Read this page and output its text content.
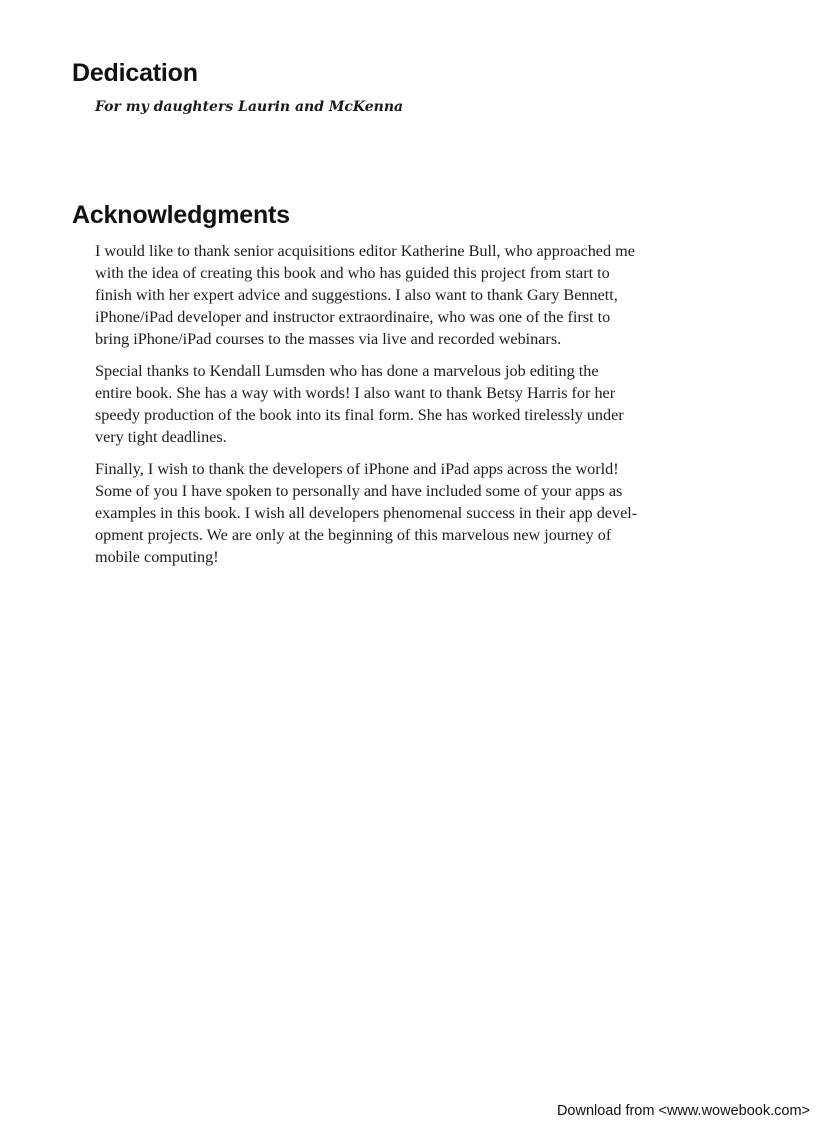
Dedication

For my daughters Laurin and McKenna

Acknowledgments
I would like to thank senior acquisitions editor Katherine Bull, who approached me
with the idea of creating this book and who has guided this project from start to
finish with her expert advice and suggestions. I also want to thank Gary Bennett,
iPhone/iPad developer and instructor extraordinaire, who was one of the first to
bring iPhone/iPad courses to the masses via live and recorded webinars.
Special thanks to Kendall Lumsden who has done a marvelous job editing the
entire book. She has a way with words! I also want to thank Betsy Harris for her
speedy production of the book into its final form. She has worked tirelessly under
very tight deadlines.
Finally, I wish to thank the developers of iPhone and iPad apps across the world!
Some of you I have spoken to personally and have included some of your apps as
examples in this book. I wish all developers phenomenal success in their app devel-
opment projects. We are only at the beginning of this marvelous new journey of
mobile computing!
Download from <www.wowebook.com>
